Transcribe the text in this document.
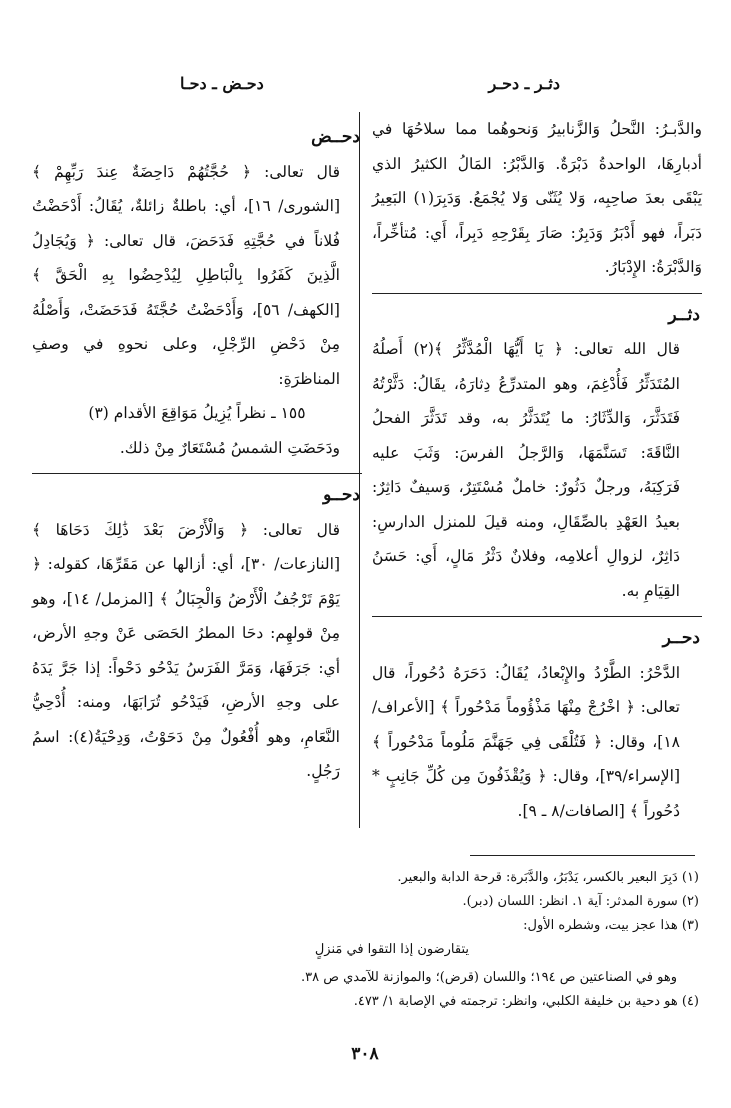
دثـر ـ دحـر
دحـض ـ دحـا

والدَّبـرُ: النَّحلُ وَالزَّنابيرُ وَنحوهُما مما سلاحُهَا في أدبارِهَا، الواحدةُ دَبْرَةٌ. وَالدَّبْرُ: المَالُ الكثيرُ الذي يَبْقَى بعدَ صاحِبِه، وَلا يُثَنّى وَلا يُجْمَعُ. وَدَبِرَ(١) البَعِيرُ دَبَراً، فهو أَدْبَرُ وَدَبِرٌ: صَارَ بِقَرْحِهِ دَبِراً، أَي: مُتأخِّراً، وَالدَّبْرَةُ: الإِدْبَارُ.

دثــر

قال الله تعالى: ﴿ يَا أَيُّهَا الْمُدَّثِّرُ ﴾(٢) أَصلُهُ المُتَدَثِّرُ فَأُدْغِمَ، وهو المتدرِّعُ دِثارَهُ، يقَالُ: دَثَّرْتُهُ فَتَدَثَّرَ، وَالدِّثَارُ: ما يُتَدَثَّرُ به، وقد تَدَثَّرَ الفحلُ النَّاقَةَ: تَسَنَّمَهَا، وَالرَّجلُ الفرسَ: وَثَبَ عليه فَرَكِبَهُ، ورجلٌ دَثُورٌ: خاملٌ مُسْتَتِرٌ، وَسيفٌ دَاثِرٌ: بعيدُ العَهْدِ بالصِّقَالِ، ومنه قيلَ للمنزل الدارسِ: دَاثِرٌ، لزوالِ أعلامِه، وفلانٌ دَثْرُ مَالٍ، أَي: حَسَنُ القِيَامِ به.

دحــر

الدَّحْرُ: الطَّرْدُ والإِبْعادُ، يُقَالُ: دَحَرَهُ دُحُوراً، قال تعالى: ﴿ اخْرُجْ مِنْهَا مَذْؤُوماً مَدْحُوراً ﴾ [الأعراف/ ١٨]، وقال: ﴿ فَتُلْقَى فِي جَهَنَّمَ مَلُوماً مَدْحُوراً ﴾ [الإسراء/٣٩]، وقال: ﴿ وَيُقْذَفُونَ مِن كُلِّ جَانِبٍ * دُحُوراً ﴾ [الصافات/٨ ـ ٩].

دحــض

قال تعالى: ﴿ حُجَّتُهُمْ دَاحِضَةٌ عِندَ رَبِّهِمْ ﴾ [الشورى/ ١٦]، أي: باطلةٌ زائلةٌ، يُقَالُ: أَدْحَضْتُ فُلاناً في حُجَّتِهِ فَدَحَضَ، قال تعالى: ﴿ وَيُجَادِلُ الَّذِينَ كَفَرُوا بِالْبَاطِلِ لِيُدْحِضُوا بِهِ الْحَقَّ ﴾ [الكهف/ ٥٦]، وَأَدْحَضْتُ حُجَّتَهُ فَدَحَضَتْ، وَأَصْلُهُ مِنْ دَحْضِ الرِّجْلِ، وعلى نحوهِ في وصفِ المناظرَةِ:

١٥٥ ـ نظراً يُزِيلُ مَوَاقِعَ الأقدام (٣)

ودَحَضَتِ الشمسُ مُسْتَعَارٌ مِنْ ذلك.

دحــو

قال تعالى: ﴿ وَالْأَرْضَ بَعْدَ ذَٰلِكَ دَحَاهَا ﴾ [النازعات/ ٣٠]، أي: أزالها عن مَقَرِّهَا، كقوله: ﴿ يَوْمَ تَرْجُفُ الْأَرْضُ وَالْجِبَالُ ﴾ [المزمل/ ١٤]، وهو مِنْ قولهِم: دحَا المطرُ الحَصَى عَنْ وجهِ الأرض، أي: جَرَفَهَا، وَمَرَّ الفَرَسُ يَدْحُو دَحْواً: إذا جَرَّ يَدَهُ على وجهِ الأرضِ، فَيَدْحُو تُرَابَهَا، ومنه: أُدْحِيُّ النَّعَامِ، وهو أُفْعُولٌ مِنْ دَحَوْتُ، وَدِحْيَةُ(٤): اسمُ رَجُلٍ.

(١) دَبِرَ البعير بالكسر، يَدْبَرُ، والدَّبَرة: قرحة الدابة والبعير.

(٢) سورة المدثر: آية ١. انظر: اللسان (دبر).

(٣) هذا عجز بيت، وشطره الأول:

يتقارضون إذا التقوا في مَنزلٍ

وهو في الصناعتين ص ١٩٤؛ واللسان (قرض)؛ والموازنة للآمدي ص ٣٨.

(٤) هو دحية بن خليفة الكلبي، وانظر: ترجمته في الإصابة ١/ ٤٧٣.

٣٠٨
